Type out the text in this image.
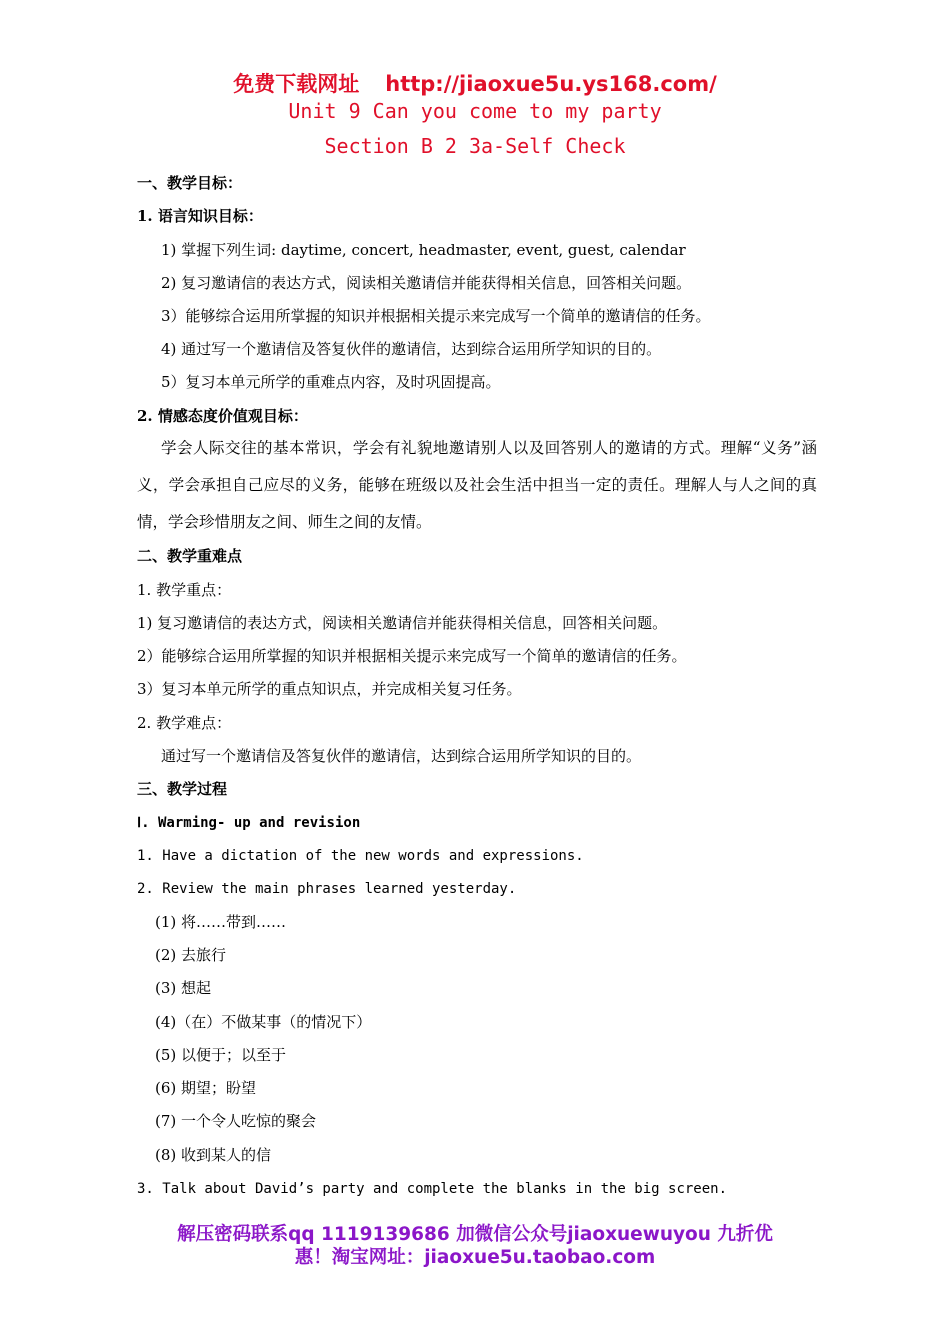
免费下载网址 http://jiaoxue5u.ys168.com/
Unit 9 Can you come to my party
Section B 2 3a-Self Check
一、教学目标：
1. 语言知识目标：
1) 掌握下列生词: daytime, concert, headmaster, event, guest, calendar
2) 复习邀请信的表达方式，阅读相关邀请信并能获得相关信息，回答相关问题。
3）能够综合运用所掌握的知识并根据相关提示来完成写一个简单的邀请信的任务。
4) 通过写一个邀请信及答复伙伴的邀请信，达到综合运用所学知识的目的。
5）复习本单元所学的重难点内容，及时巩固提高。
2. 情感态度价值观目标：
学会人际交往的基本常识，学会有礼貌地邀请别人以及回答别人的邀请的方式。理解“义务”涵义，学会承担自己应尽的义务，能够在班级以及社会生活中担当一定的责任。理解人与人之间的真情，学会珍惜朋友之间、师生之间的友情。
二、教学重难点
1. 教学重点：
1) 复习邀请信的表达方式，阅读相关邀请信并能获得相关信息，回答相关问题。
2）能够综合运用所掌握的知识并根据相关提示来完成写一个简单的邀请信的任务。
3）复习本单元所学的重点知识点，并完成相关复习任务。
2. 教学难点：
通过写一个邀请信及答复伙伴的邀请信，达到综合运用所学知识的目的。
三、教学过程
Ⅰ. Warming- up and revision
1. Have a dictation of the new words and expressions.
2. Review the main phrases learned yesterday.
(1) 将……带到……
(2) 去旅行
(3) 想起
(4)（在）不做某事（的情况下）
(5) 以便于；以至于
(6) 期望；盼望
(7) 一个令人吃惊的聚会
(8) 收到某人的信
3. Talk about David’s party and complete the blanks in the big screen.
解压密码联系qq 1119139686 加微信公众号jiaoxuewuyou 九折优
惠！淘宝网址：jiaoxue5u.taobao.com
